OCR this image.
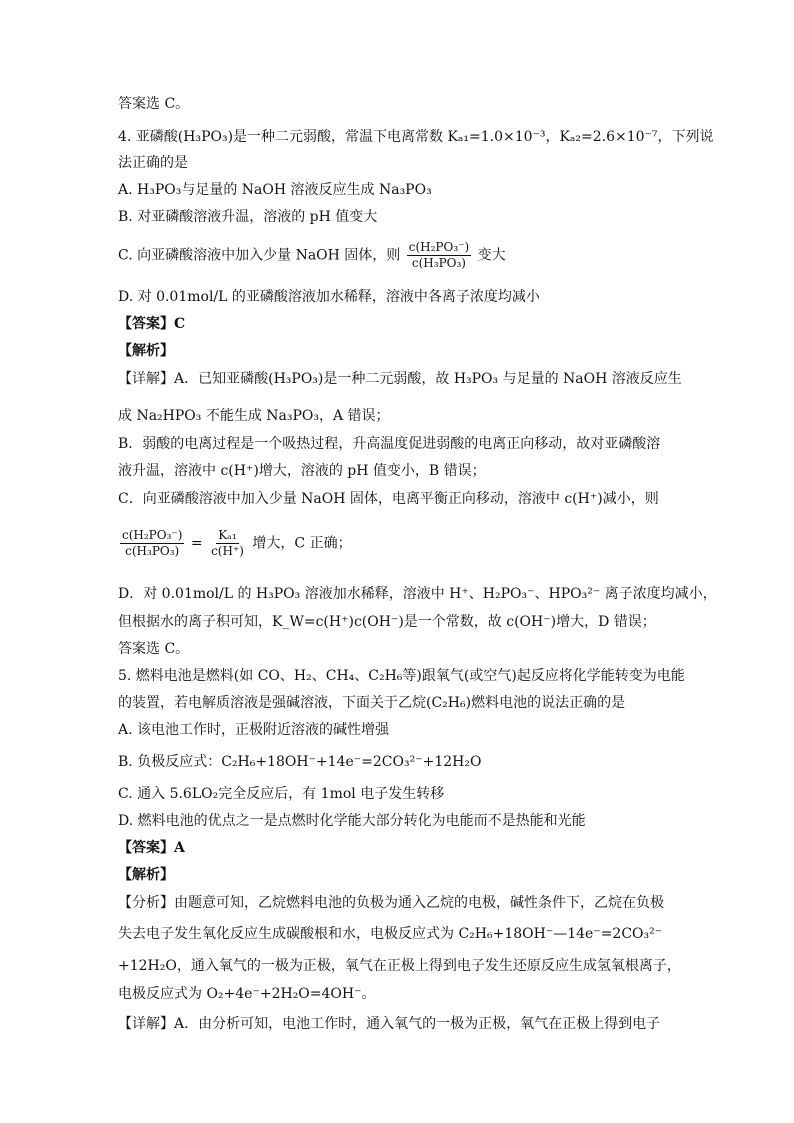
答案选 C。
4. 亚磷酸(H₃PO₃)是一种二元弱酸，常温下电离常数 Kₐ₁=1.0×10⁻³，Kₐ₂=2.6×10⁻⁷，下列说
法正确的是
A. H₃PO₃与足量的 NaOH 溶液反应生成 Na₃PO₃
B. 对亚磷酸溶液升温，溶液的 pH 值变大
D. 对 0.01mol/L 的亚磷酸溶液加水稀释，溶液中各离子浓度均减小
【答案】C
【解析】
【详解】A．已知亚磷酸(H₃PO₃)是一种二元弱酸，故 H₃PO₃ 与足量的 NaOH 溶液反应生
成 Na₂HPO₃ 不能生成 Na₃PO₃，A 错误；
B．弱酸的电离过程是一个吸热过程，升高温度促进弱酸的电离正向移动，故对亚磷酸溶
液升温，溶液中 c(H⁺)增大，溶液的 pH 值变小，B 错误；
C．向亚磷酸溶液中加入少量 NaOH 固体，电离平衡正向移动，溶液中 c(H⁺)减小，则
D．对 0.01mol/L 的 H₃PO₃ 溶液加水稀释，溶液中 H⁺、H₂PO₃⁻、HPO₃²⁻ 离子浓度均减小，
但根据水的离子积可知，K_W=c(H⁺)c(OH⁻)是一个常数，故 c(OH⁻)增大，D 错误；
答案选 C。
5. 燃料电池是燃料(如 CO、H₂、CH₄、C₂H₆等)跟氧气(或空气)起反应将化学能转变为电能
的装置，若电解质溶液是强碱溶液，下面关于乙烷(C₂H₆)燃料电池的说法正确的是
A. 该电池工作时，正极附近溶液的碱性增强
B. 负极反应式：C₂H₆+18OH⁻+14e⁻=2CO₃²⁻+12H₂O
C. 通入 5.6LO₂完全反应后，有 1mol 电子发生转移
D. 燃料电池的优点之一是点燃时化学能大部分转化为电能而不是热能和光能
【答案】A
【解析】
【分析】由题意可知，乙烷燃料电池的负极为通入乙烷的电极，碱性条件下，乙烷在负极
失去电子发生氧化反应生成碳酸根和水，电极反应式为 C₂H₆+18OH⁻—14e⁻=2CO₃²⁻
+12H₂O，通入氧气的一极为正极，氧气在正极上得到电子发生还原反应生成氢氧根离子，
电极反应式为 O₂+4e⁻+2H₂O=4OH⁻。
【详解】A．由分析可知，电池工作时，通入氧气的一极为正极，氧气在正极上得到电子
C. 向亚磷酸溶液中加入少量 NaOH 固体，则 $\frac{\text{c(H₂PO₃⁻)}}{\text{c(H₃PO₃)}}$ 变大
$\frac{\text{c(H₂PO₃⁻)}}{\text{c(H₃PO₃)}} = \frac{\text{Kₐ₁}}{c(H^+)}$ 增大，C 正确；
